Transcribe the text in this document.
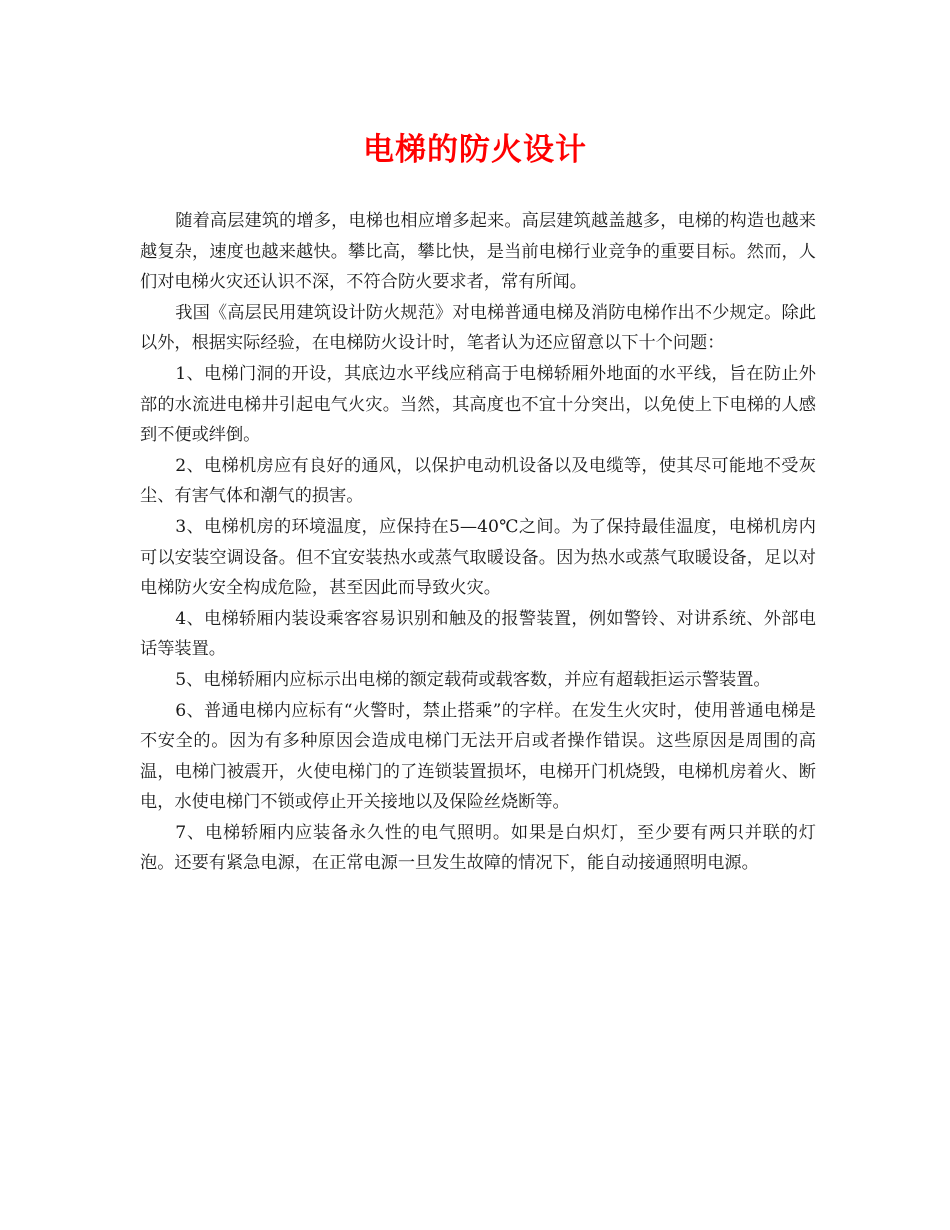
电梯的防火设计

随着高层建筑的增多，电梯也相应增多起来。高层建筑越盖越多，电梯的构造也越来越复杂，速度也越来越快。攀比高，攀比快，是当前电梯行业竞争的重要目标。然而，人们对电梯火灾还认识不深，不符合防火要求者，常有所闻。

我国《高层民用建筑设计防火规范》对电梯普通电梯及消防电梯作出不少规定。除此以外，根据实际经验，在电梯防火设计时，笔者认为还应留意以下十个问题：

1、电梯门洞的开设，其底边水平线应稍高于电梯轿厢外地面的水平线，旨在防止外部的水流进电梯井引起电气火灾。当然，其高度也不宜十分突出，以免使上下电梯的人感到不便或绊倒。

2、电梯机房应有良好的通风，以保护电动机设备以及电缆等，使其尽可能地不受灰尘、有害气体和潮气的损害。

3、电梯机房的环境温度，应保持在5—40℃之间。为了保持最佳温度，电梯机房内可以安装空调设备。但不宜安装热水或蒸气取暖设备。因为热水或蒸气取暖设备，足以对电梯防火安全构成危险，甚至因此而导致火灾。

4、电梯轿厢内装设乘客容易识别和触及的报警装置，例如警铃、对讲系统、外部电话等装置。

5、电梯轿厢内应标示出电梯的额定载荷或载客数，并应有超载拒运示警装置。

6、普通电梯内应标有“火警时，禁止搭乘”的字样。在发生火灾时，使用普通电梯是不安全的。因为有多种原因会造成电梯门无法开启或者操作错误。这些原因是周围的高温，电梯门被震开，火使电梯门的了连锁装置损坏，电梯开门机烧毁，电梯机房着火、断电，水使电梯门不锁或停止开关接地以及保险丝烧断等。

7、电梯轿厢内应装备永久性的电气照明。如果是白炽灯，至少要有两只并联的灯泡。还要有紧急电源，在正常电源一旦发生故障的情况下，能自动接通照明电源。
